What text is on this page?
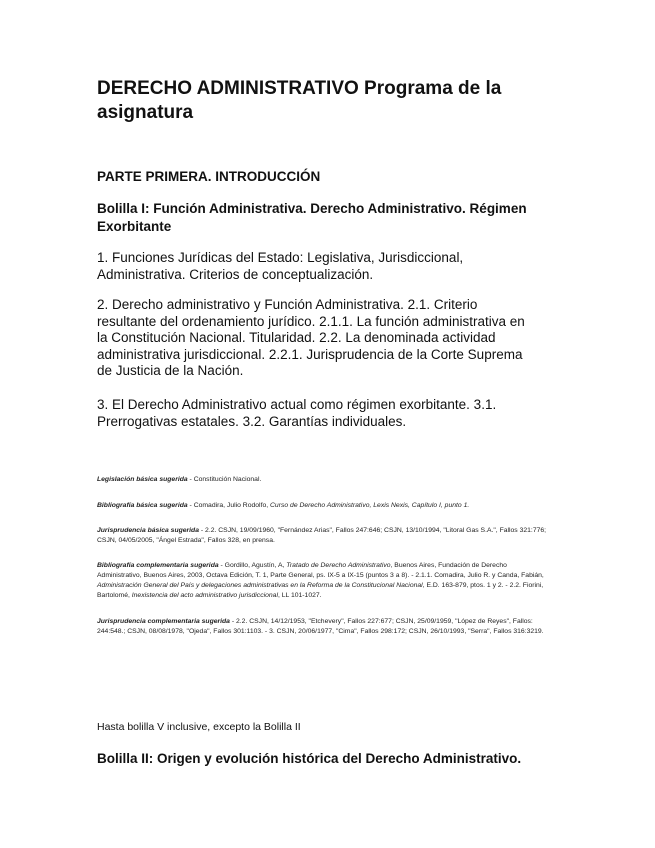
DERECHO ADMINISTRATIVO Programa de la asignatura
PARTE PRIMERA. INTRODUCCIÓN
Bolilla I: Función Administrativa. Derecho Administrativo. Régimen Exorbitante

1. Funciones Jurídicas del Estado: Legislativa, Jurisdiccional, Administrativa. Criterios de conceptualización.

2. Derecho administrativo y Función Administrativa. 2.1. Criterio resultante del ordenamiento jurídico. 2.1.1. La función administrativa en la Constitución Nacional. Titularidad. 2.2. La denominada actividad administrativa jurisdiccional. 2.2.1. Jurisprudencia de la Corte Suprema de Justicia de la Nación.

3. El Derecho Administrativo actual como régimen exorbitante. 3.1. Prerrogativas estatales. 3.2. Garantías individuales.

Legislación básica sugerida - Constitución Nacional.

Bibliografía básica sugerida - Comadira, Julio Rodolfo, Curso de Derecho Administrativo, Lexis Nexis, Capítulo I, punto 1.

Jurisprudencia básica sugerida - 2.2. CSJN, 19/09/1960, "Fernández Arias", Fallos 247:646; CSJN, 13/10/1994, "Litoral Gas S.A.", Fallos 321:776; CSJN, 04/05/2005, "Ángel Estrada", Fallos 328, en prensa.

Bibliografía complementaria sugerida - Gordillo, Agustín, A, Tratado de Derecho Administrativo, Buenos Aires, Fundación de Derecho Administrativo, Buenos Aires, 2003, Octava Edición, T. 1, Parte General, ps. IX-5 a IX-15 (puntos 3 a 8). - 2.1.1. Comadira, Julio R. y Canda, Fabián, Administración General del País y delegaciones administrativas en la Reforma de la Constitucional Nacional, E.D. 163-879, ptos. 1 y 2. - 2.2. Fiorini, Bartolomé, Inexistencia del acto administrativo jurisdiccional, LL 101-1027.

Jurisprudencia complementaria sugerida - 2.2. CSJN, 14/12/1953, "Etchevery", Fallos 227:677; CSJN, 25/09/1959, "López de Reyes", Fallos: 244:548.; CSJN, 08/08/1978, "Ojeda", Fallos 301:1103. - 3. CSJN, 20/06/1977, "Cima", Fallos 298:172; CSJN, 26/10/1993, "Serra", Fallos 316:3219.

Hasta bolilla V inclusive, excepto la Bolilla II

Bolilla II: Origen y evolución histórica del Derecho Administrativo.
